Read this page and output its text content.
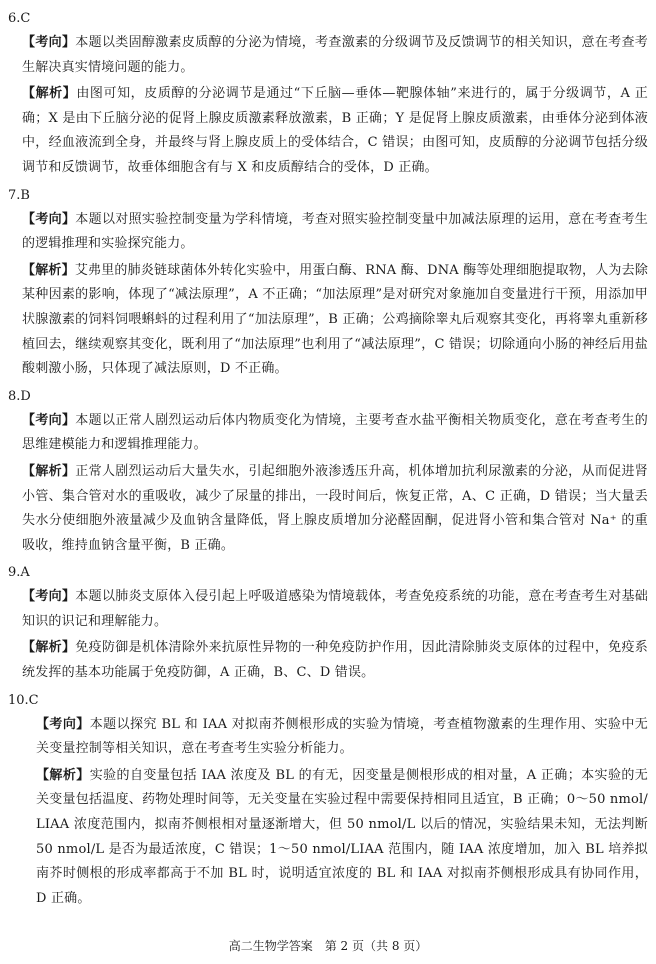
6.C

【考向】本题以类固醇激素皮质醇的分泌为情境，考查激素的分级调节及反馈调节的相关知识，意在考查考生解决真实情境问题的能力。

【解析】由图可知，皮质醇的分泌调节是通过“下丘脑—垂体—靶腺体轴”来进行的，属于分级调节，A 正确；X 是由下丘脑分泌的促肾上腺皮质激素释放激素，B 正确；Y 是促肾上腺皮质激素，由垂体分泌到体液中，经血液流到全身，并最终与肾上腺皮质上的受体结合，C 错误；由图可知，皮质醇的分泌调节包括分级调节和反馈调节，故垂体细胞含有与 X 和皮质醇结合的受体，D 正确。

7.B

【考向】本题以对照实验控制变量为学科情境，考查对照实验控制变量中加减法原理的运用，意在考查考生的逻辑推理和实验探究能力。

【解析】艾弗里的肺炎链球菌体外转化实验中，用蛋白酶、RNA 酶、DNA 酶等处理细胞提取物，人为去除某种因素的影响，体现了“减法原理”，A 不正确；“加法原理”是对研究对象施加自变量进行干预，用添加甲状腺激素的饲料饲喂蝌蚪的过程利用了“加法原理”，B 正确；公鸡摘除睾丸后观察其变化，再将睾丸重新移植回去，继续观察其变化，既利用了“加法原理”也利用了“减法原理”，C 错误；切除通向小肠的神经后用盐酸刺激小肠，只体现了减法原则，D 不正确。

8.D

【考向】本题以正常人剧烈运动后体内物质变化为情境，主要考查水盐平衡相关物质变化，意在考查考生的思维建模能力和逻辑推理能力。

【解析】正常人剧烈运动后大量失水，引起细胞外液渗透压升高，机体增加抗利尿激素的分泌，从而促进肾小管、集合管对水的重吸收，减少了尿量的排出，一段时间后，恢复正常，A、C 正确，D 错误；当大量丢失水分使细胞外液量减少及血钠含量降低，肾上腺皮质增加分泌醛固酮，促进肾小管和集合管对 Na⁺ 的重吸收，维持血钠含量平衡，B 正确。

9.A

【考向】本题以肺炎支原体入侵引起上呼吸道感染为情境载体，考查免疫系统的功能，意在考查考生对基础知识的识记和理解能力。

【解析】免疫防御是机体清除外来抗原性异物的一种免疫防护作用，因此清除肺炎支原体的过程中，免疫系统发挥的基本功能属于免疫防御，A 正确，B、C、D 错误。

10.C

【考向】本题以探究 BL 和 IAA 对拟南芥侧根形成的实验为情境，考查植物激素的生理作用、实验中无关变量控制等相关知识，意在考查考生实验分析能力。

【解析】实验的自变量包括 IAA 浓度及 BL 的有无，因变量是侧根形成的相对量，A 正确；本实验的无关变量包括温度、药物处理时间等，无关变量在实验过程中需要保持相同且适宜，B 正确；0～50 nmol/LIAA 浓度范围内，拟南芥侧根相对量逐渐增大，但 50 nmol/L 以后的情况，实验结果未知，无法判断 50 nmol/L 是否为最适浓度，C 错误；1～50 nmol/LIAA 范围内，随 IAA 浓度增加，加入 BL 培养拟南芥时侧根的形成率都高于不加 BL 时，说明适宜浓度的 BL 和 IAA 对拟南芥侧根形成具有协同作用，D 正确。

高二生物学答案　第 2 页（共 8 页）
